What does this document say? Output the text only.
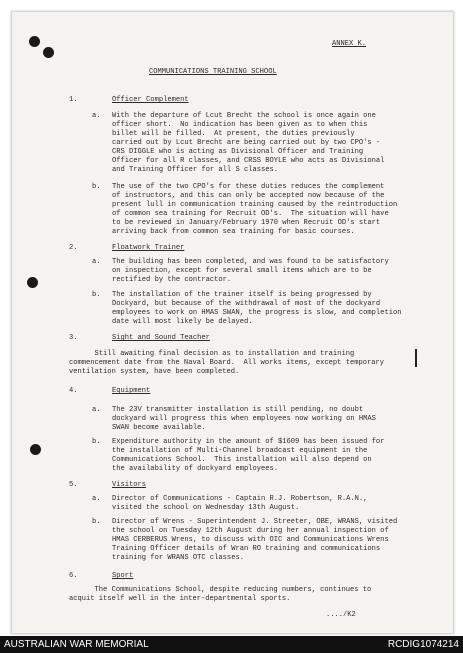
ANNEX K.
COMMUNICATIONS TRAINING SCHOOL
1.	Officer Complement
a. With the departure of Lcut Brecht the school is once again one
officer short.  No indication has been given as to when this
billet will be filled.  At present, the duties previously
carried out by Lcut Brecht are being carried out by two CPO's -
CRS DIGGLE who is acting as Divisional Officer and Training
Officer for all R classes, and CRSS BOYLE who acts as Divisional
and Training Officer for all S classes.
b. The use of the two CPO's for these duties reduces the complement
of instructors, and this can only be accepted now because of the
present lull in communication training caused by the reintroduction
of common sea training for Recruit OD's.  The situation will have
to be reviewed in January/February 1970 when Recruit OD's start
arriving back from common sea training for basic courses.
2.	Floatwork Trainer
a. The building has been completed, and was found to be satisfactory
on inspection, except for several small items which are to be
rectified by the contractor.
b. The installation of the trainer itself is being progressed by
Dockyard, but because of the withdrawal of most of the dockyard
employees to work on HMAS SWAN, the progress is slow, and completion
date will most likely be delayed.
3.	Sight and Sound Teacher
Still awaiting final decision as to installation and training
commencement date from the Naval Board.  All works items, except temporary
ventilation system, have been completed.
4.	Equipment
a. The 23V transmitter installation is still pending, no doubt
dockyard will progress this when employees now working on HMAS
SWAN become available.
b. Expenditure authority in the amount of $1609 has been issued for
the installation of Multi-Channel broadcast equipment in the
Communications School.  This installation will also depend on
the availability of dockyard employees.
5.	Visitors
a. Director of Communications - Captain R.J. Robertson, R.A.N.,
visited the school on Wednesday 13th August.
b. Director of Wrens - Superintendent J. Streeter, OBE, WRANS, visited
the school on Tuesday 12th August during her annual inspection of
HMAS CERBERUS Wrens, to discuss with OIC and Communications Wrens
Training Officer details of Wran RO training and communications
training for WRANS OTC classes.
6.	Sport
The Communications School, despite reducing numbers, continues to
acquit itself well in the inter-departmental sports.
..../K2
AUSTRALIAN WAR MEMORIAL	RCDIG1074214
